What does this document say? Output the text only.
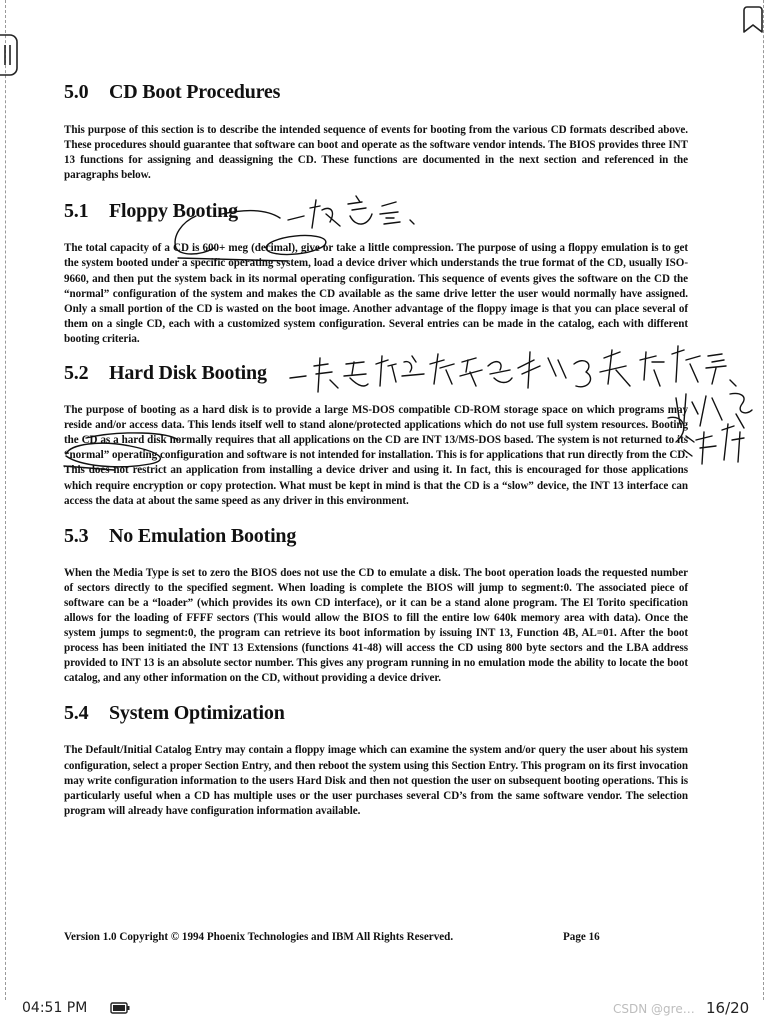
5.0	CD Boot Procedures

This purpose of this section is to describe the intended sequence of events for booting from the various CD formats described above. These procedures should guarantee that software can boot and operate as the software vendor intends. The BIOS provides three INT 13 functions for assigning and deassigning the CD. These functions are documented in the next section and referenced in the paragraphs below.

5.1	Floppy Booting

The total capacity of a CD is 600+ meg (decimal), give or take a little compression. The purpose of using a floppy emulation is to get the system booted under a specific operating system, load a device driver which understands the true format of the CD, usually ISO-9660, and then put the system back in its normal operating configuration. This sequence of events gives the software on the CD the “normal” configuration of the system and makes the CD available as the same drive letter the user would normally have assigned. Only a small portion of the CD is wasted on the boot image. Another advantage of the floppy image is that you can place several of them on a single CD, each with a customized system configuration. Several entries can be made in the catalog, each with different booting criteria.

5.2	Hard Disk Booting

The purpose of booting as a hard disk is to provide a large MS-DOS compatible CD-ROM storage space on which programs may reside and/or access data. This lends itself well to stand alone/protected applications which do not use full system resources. Booting the CD as a hard disk normally requires that all applications on the CD are INT 13/MS-DOS based. The system is not returned to its “normal” operating configuration and software is not intended for installation. This is for applications that run directly from the CD. This does not restrict an application from installing a device driver and using it. In fact, this is encouraged for those applications which require encryption or copy protection. What must be kept in mind is that the CD is a “slow” device, the INT 13 interface can access the data at about the same speed as any driver in this environment.

5.3	No Emulation Booting

When the Media Type is set to zero the BIOS does not use the CD to emulate a disk. The boot operation loads the requested number of sectors directly to the specified segment. When loading is complete the BIOS will jump to segment:0. The associated piece of software can be a “loader” (which provides its own CD interface), or it can be a stand alone program. The El Torito specification allows for the loading of FFFF sectors (This would allow the BIOS to fill the entire low 640k memory area with data). Once the system jumps to segment:0, the program can retrieve its boot information by issuing INT 13, Function 4B, AL=01. After the boot process has been initiated the INT 13 Extensions (functions 41-48) will access the CD using 800 byte sectors and the LBA address provided to INT 13 is an absolute sector number. This gives any program running in no emulation mode the ability to locate the boot catalog, and any other information on the CD, without providing a device driver.

5.4	System Optimization

The Default/Initial Catalog Entry may contain a floppy image which can examine the system and/or query the user about his system configuration, select a proper Section Entry, and then reboot the system using this Section Entry. This program on its first invocation may write configuration information to the users Hard Disk and then not question the user on subsequent booting operations. This is particularly useful when a CD has multiple uses or the user purchases several CD’s from the same software vendor. The selection program will already have configuration information available.

Version 1.0 Copyright © 1994 Phoenix Technologies and IBM All Rights Reserved.	Page 16
04:51 PM	CSDN @gre… 16/20
